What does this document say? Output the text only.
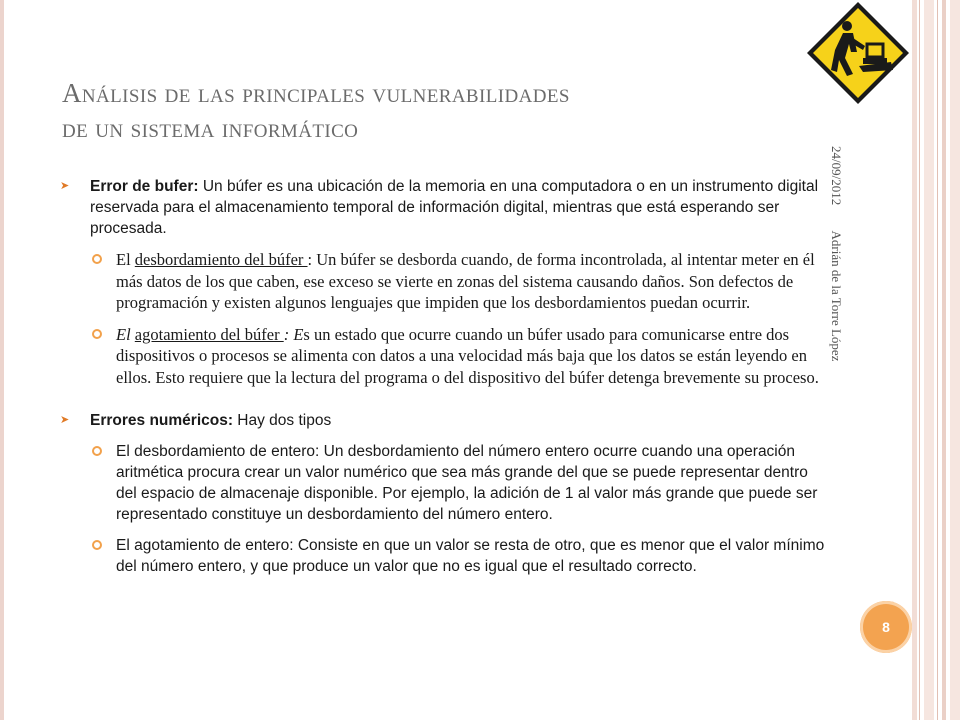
Análisis de las principales vulnerabilidades
de un sistema informático
24/09/2012 Adrián de la Torre López
8
➤ Error de bufer: Un búfer es una ubicación de la memoria en una computadora o en un instrumento digital reservada para el almacenamiento temporal de información digital, mientras que está esperando ser procesada.
El desbordamiento del búfer : Un búfer se desborda cuando, de forma incontrolada, al intentar meter en él más datos de los que caben, ese exceso se vierte en zonas del sistema causando daños. Son defectos de programación y existen algunos lenguajes que impiden que los desbordamientos puedan ocurrir.
El agotamiento del búfer : Es un estado que ocurre cuando un búfer usado para comunicarse entre dos dispositivos o procesos se alimenta con datos a una velocidad más baja que los datos se están leyendo en ellos. Esto requiere que la lectura del programa o del dispositivo del búfer detenga brevemente su proceso.
➤ Errores numéricos: Hay dos tipos
El desbordamiento de entero: Un desbordamiento del número entero ocurre cuando una operación aritmética procura crear un valor numérico que sea más grande del que se puede representar dentro del espacio de almacenaje disponible. Por ejemplo, la adición de 1 al valor más grande que puede ser representado constituye un desbordamiento del número entero.
El agotamiento de entero: Consiste en que un valor se resta de otro, que es menor que el valor mínimo del número entero, y que produce un valor que no es igual que el resultado correcto.
